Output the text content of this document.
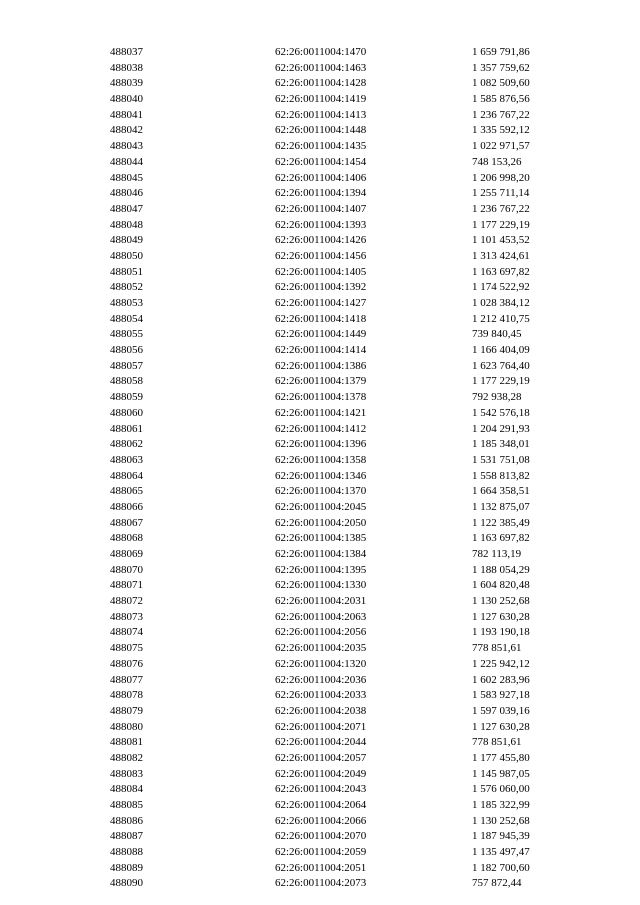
488037	62:26:0011004:1470	1 659 791,86
488038	62:26:0011004:1463	1 357 759,62
488039	62:26:0011004:1428	1 082 509,60
488040	62:26:0011004:1419	1 585 876,56
488041	62:26:0011004:1413	1 236 767,22
488042	62:26:0011004:1448	1 335 592,12
488043	62:26:0011004:1435	1 022 971,57
488044	62:26:0011004:1454	748 153,26
488045	62:26:0011004:1406	1 206 998,20
488046	62:26:0011004:1394	1 255 711,14
488047	62:26:0011004:1407	1 236 767,22
488048	62:26:0011004:1393	1 177 229,19
488049	62:26:0011004:1426	1 101 453,52
488050	62:26:0011004:1456	1 313 424,61
488051	62:26:0011004:1405	1 163 697,82
488052	62:26:0011004:1392	1 174 522,92
488053	62:26:0011004:1427	1 028 384,12
488054	62:26:0011004:1418	1 212 410,75
488055	62:26:0011004:1449	739 840,45
488056	62:26:0011004:1414	1 166 404,09
488057	62:26:0011004:1386	1 623 764,40
488058	62:26:0011004:1379	1 177 229,19
488059	62:26:0011004:1378	792 938,28
488060	62:26:0011004:1421	1 542 576,18
488061	62:26:0011004:1412	1 204 291,93
488062	62:26:0011004:1396	1 185 348,01
488063	62:26:0011004:1358	1 531 751,08
488064	62:26:0011004:1346	1 558 813,82
488065	62:26:0011004:1370	1 664 358,51
488066	62:26:0011004:2045	1 132 875,07
488067	62:26:0011004:2050	1 122 385,49
488068	62:26:0011004:1385	1 163 697,82
488069	62:26:0011004:1384	782 113,19
488070	62:26:0011004:1395	1 188 054,29
488071	62:26:0011004:1330	1 604 820,48
488072	62:26:0011004:2031	1 130 252,68
488073	62:26:0011004:2063	1 127 630,28
488074	62:26:0011004:2056	1 193 190,18
488075	62:26:0011004:2035	778 851,61
488076	62:26:0011004:1320	1 225 942,12
488077	62:26:0011004:2036	1 602 283,96
488078	62:26:0011004:2033	1 583 927,18
488079	62:26:0011004:2038	1 597 039,16
488080	62:26:0011004:2071	1 127 630,28
488081	62:26:0011004:2044	778 851,61
488082	62:26:0011004:2057	1 177 455,80
488083	62:26:0011004:2049	1 145 987,05
488084	62:26:0011004:2043	1 576 060,00
488085	62:26:0011004:2064	1 185 322,99
488086	62:26:0011004:2066	1 130 252,68
488087	62:26:0011004:2070	1 187 945,39
488088	62:26:0011004:2059	1 135 497,47
488089	62:26:0011004:2051	1 182 700,60
488090	62:26:0011004:2073	757 872,44
